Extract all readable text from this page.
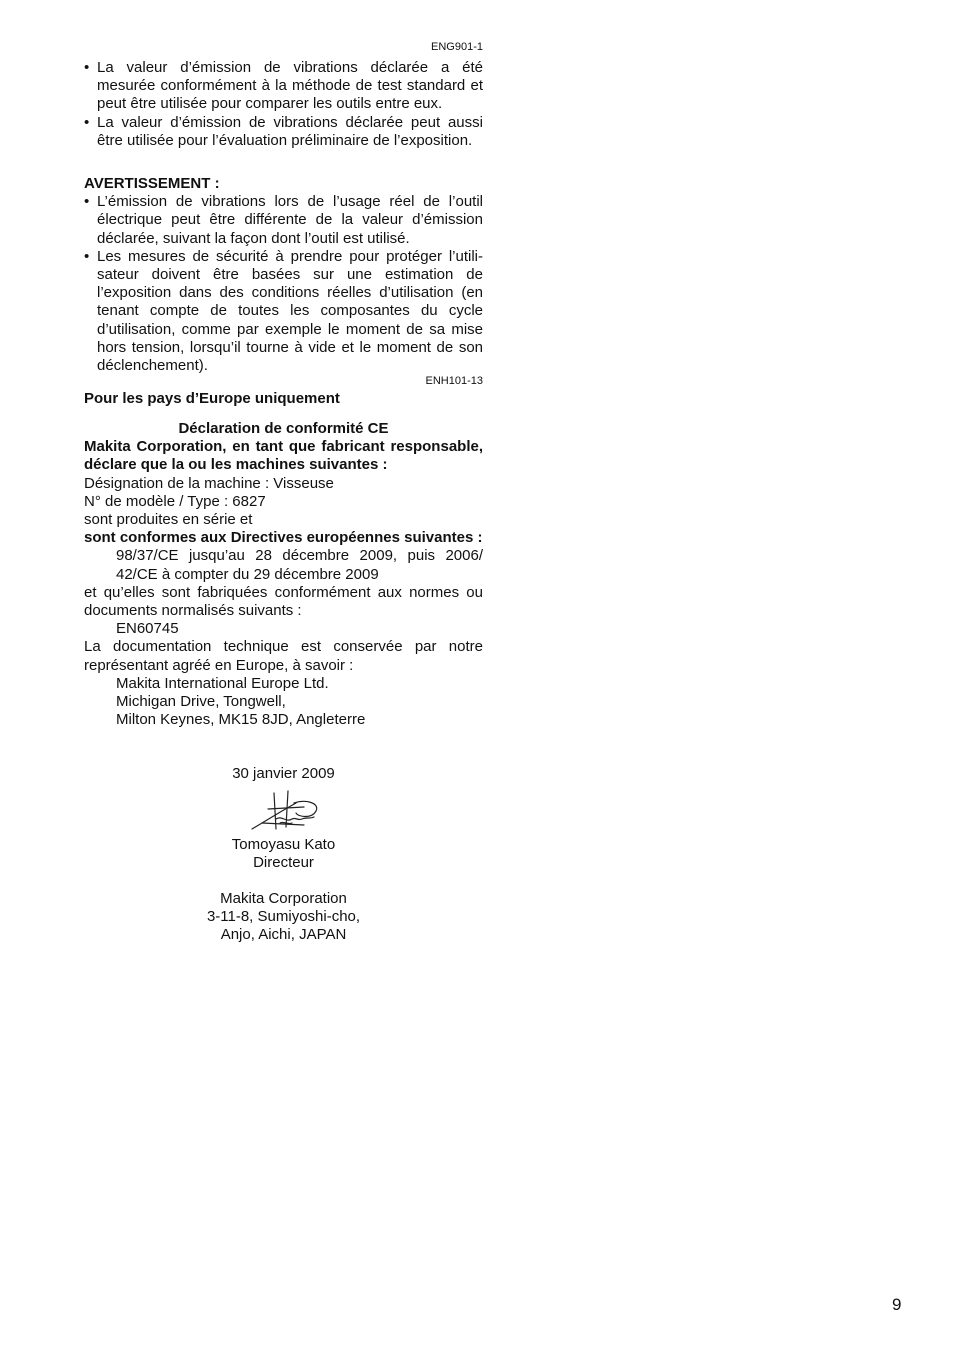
ENG901-1
• La valeur d’émission de vibrations déclarée a été mesurée conformément à la méthode de test standard et peut être utilisée pour comparer les outils entre eux.
• La valeur d’émission de vibrations déclarée peut aussi être utilisée pour l’évaluation préliminaire de l’exposition.
AVERTISSEMENT :
• L’émission de vibrations lors de l’usage réel de l’outil électrique peut être différente de la valeur d’émission déclarée, suivant la façon dont l’outil est utilisé.
• Les mesures de sécurité à prendre pour protéger l’utilisateur doivent être basées sur une estimation de l’exposition dans des conditions réelles d’utilisation (en tenant compte de toutes les composantes du cycle d’utilisation, comme par exemple le moment de sa mise hors tension, lorsqu’il tourne à vide et le moment de son déclenchement).
ENH101-13
Pour les pays d’Europe uniquement
Déclaration de conformité CE
Makita Corporation, en tant que fabricant responsable, déclare que la ou les machines suivantes :
Désignation de la machine : Visseuse
N° de modèle / Type : 6827
sont produites en série et
sont conformes aux Directives européennes suivantes :
98/37/CE jusqu’au 28 décembre 2009, puis 2006/ 42/CE à compter du 29 décembre 2009
et qu’elles sont fabriquées conformément aux normes ou documents normalisés suivants :
EN60745
La documentation technique est conservée par notre représentant agréé en Europe, à savoir :
Makita International Europe Ltd.
Michigan Drive, Tongwell,
Milton Keynes, MK15 8JD, Angleterre
30 janvier 2009
Tomoyasu Kato
Directeur
Makita Corporation
3-11-8, Sumiyoshi-cho,
Anjo, Aichi, JAPAN
9
